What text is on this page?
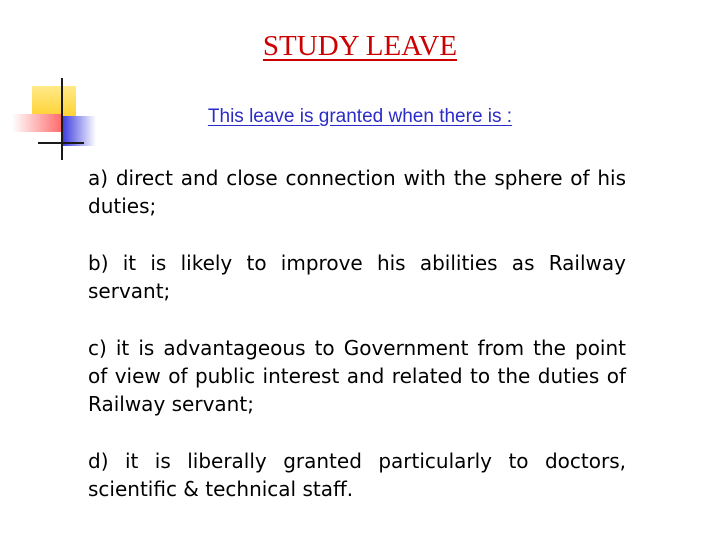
STUDY LEAVE
This leave is granted when there is :

a) direct and close connection with the sphere of his duties;

b) it is likely to improve his abilities as Railway servant;

c) it is advantageous to Government from the point of view of public interest and related to the duties of Railway servant;

d) it is liberally granted particularly to doctors, scientific & technical staff.
